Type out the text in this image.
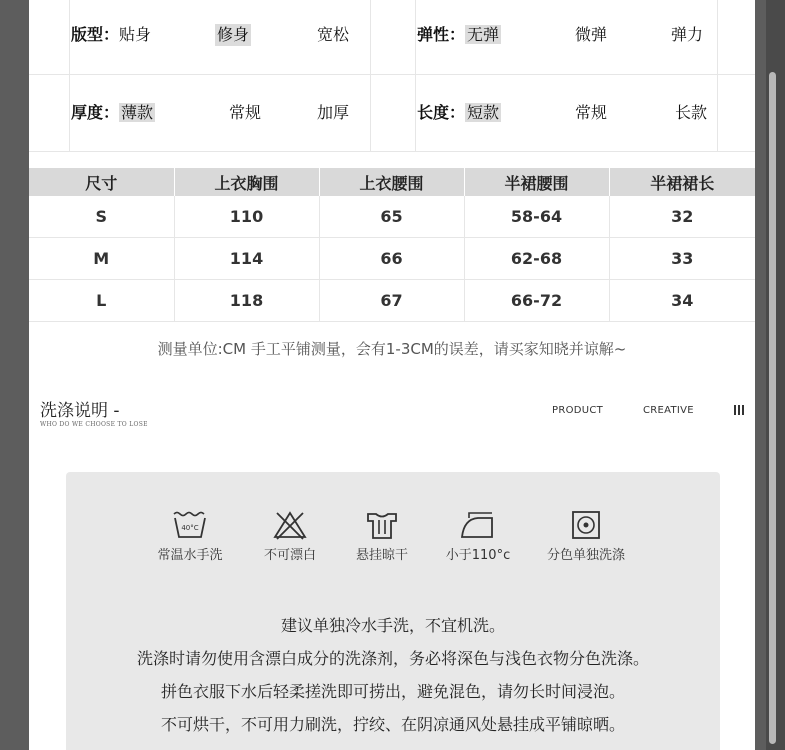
版型：贴身	修身	宽松	弹性： 无弹	微弹	弹力
厚度： 薄款	常规	加厚	长度： 短款	常规	长款
尺寸	上衣胸围	上衣腰围	半裙腰围	半裙裙长
S	110	65	58-64	32
M	114	66	62-68	33
L	118	67	66-72	34
测量单位:CM 手工平铺测量，会有1-3CM的误差，请买家知晓并谅解~
洗涤说明 -
WHO DO WE CHOOSE TO LOSE
PRODUCT	CREATIVE
40°C
常温水手洗	不可漂白	悬挂晾干	小于110°c	分色单独洗涤
建议单独冷水手洗，不宜机洗。
洗涤时请勿使用含漂白成分的洗涤剂，务必将深色与浅色衣物分色洗涤。
拼色衣服下水后轻柔搓洗即可捞出，避免混色，请勿长时间浸泡。
不可烘干，不可用力刷洗，拧绞、在阴凉通风处悬挂成平铺晾晒。
